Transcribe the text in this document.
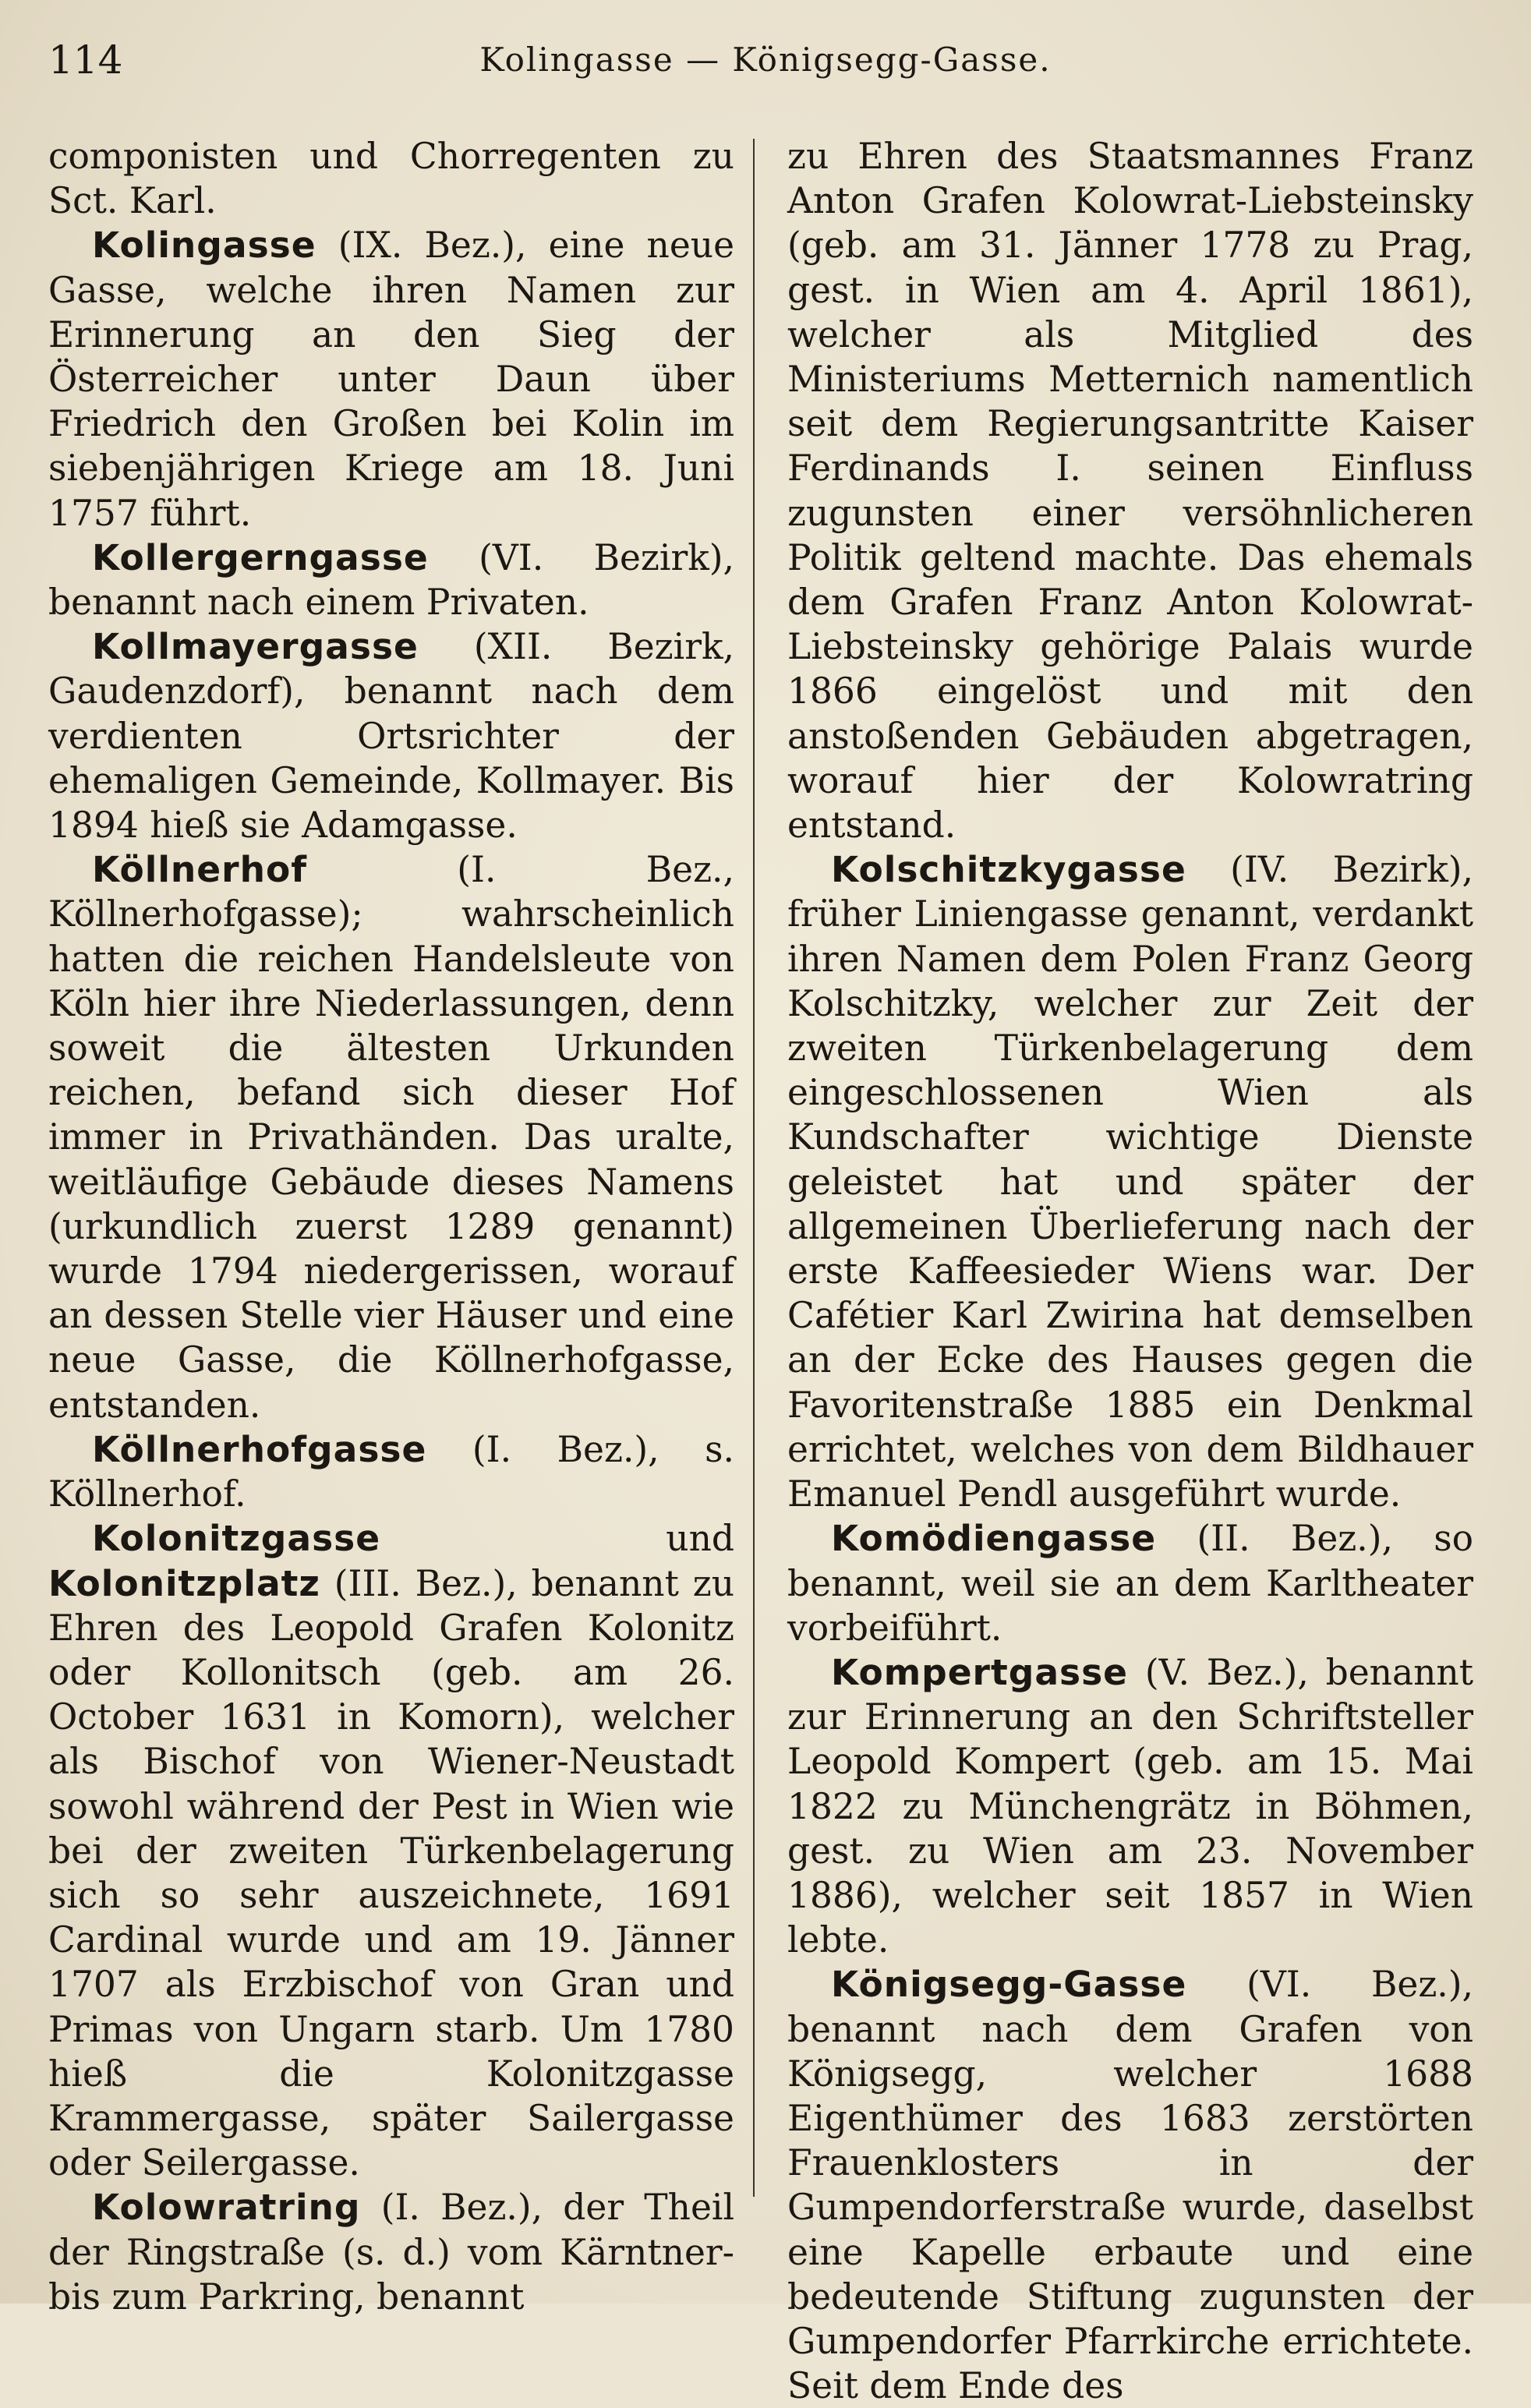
114	Kolingasse — Königsegg-Gasse.

componisten und Chorregenten zu Sct. Karl.

Kolingasse (IX. Bez.), eine neue Gasse, welche ihren Namen zur Erinnerung an den Sieg der Österreicher unter Daun über Friedrich den Großen bei Kolin im siebenjährigen Kriege am 18. Juni 1757 führt.

Kollergerngasse (VI. Bezirk), benannt nach einem Privaten.

Kollmayergasse (XII. Bezirk, Gaudenzdorf), benannt nach dem verdienten Ortsrichter der ehemaligen Gemeinde, Kollmayer. Bis 1894 hieß sie Adamgasse.

Köllnerhof (I. Bez., Köllnerhofgasse); wahrscheinlich hatten die reichen Handelsleute von Köln hier ihre Niederlassungen, denn soweit die ältesten Urkunden reichen, befand sich dieser Hof immer in Privathänden. Das uralte, weitläufige Gebäude dieses Namens (urkundlich zuerst 1289 genannt) wurde 1794 niedergerissen, worauf an dessen Stelle vier Häuser und eine neue Gasse, die Köllnerhofgasse, entstanden.

Köllnerhofgasse (I. Bez.), s. Köllnerhof.

Kolonitzgasse und Kolonitzplatz (III. Bez.), benannt zu Ehren des Leopold Grafen Kolonitz oder Kollonitsch (geb. am 26. October 1631 in Komorn), welcher als Bischof von Wiener-Neustadt sowohl während der Pest in Wien wie bei der zweiten Türkenbelagerung sich so sehr auszeichnete, 1691 Cardinal wurde und am 19. Jänner 1707 als Erzbischof von Gran und Primas von Ungarn starb. Um 1780 hieß die Kolonitzgasse Krammergasse, später Sailergasse oder Seilergasse.

Kolowratring (I. Bez.), der Theil der Ringstraße (s. d.) vom Kärntner- bis zum Parkring, benannt

zu Ehren des Staatsmannes Franz Anton Grafen Kolowrat-Liebsteinsky (geb. am 31. Jänner 1778 zu Prag, gest. in Wien am 4. April 1861), welcher als Mitglied des Ministeriums Metternich namentlich seit dem Regierungsantritte Kaiser Ferdinands I. seinen Einfluss zugunsten einer versöhnlicheren Politik geltend machte. Das ehemals dem Grafen Franz Anton Kolowrat-Liebsteinsky gehörige Palais wurde 1866 eingelöst und mit den anstoßenden Gebäuden abgetragen, worauf hier der Kolowratring entstand.

Kolschitzkygasse (IV. Bezirk), früher Liniengasse genannt, verdankt ihren Namen dem Polen Franz Georg Kolschitzky, welcher zur Zeit der zweiten Türkenbelagerung dem eingeschlossenen Wien als Kundschafter wichtige Dienste geleistet hat und später der allgemeinen Überlieferung nach der erste Kaffeesieder Wiens war. Der Cafétier Karl Zwirina hat demselben an der Ecke des Hauses gegen die Favoritenstraße 1885 ein Denkmal errichtet, welches von dem Bildhauer Emanuel Pendl ausgeführt wurde.

Komödiengasse (II. Bez.), so benannt, weil sie an dem Karltheater vorbeiführt.

Kompertgasse (V. Bez.), benannt zur Erinnerung an den Schriftsteller Leopold Kompert (geb. am 15. Mai 1822 zu Münchengrätz in Böhmen, gest. zu Wien am 23. November 1886), welcher seit 1857 in Wien lebte.

Königsegg-Gasse (VI. Bez.), benannt nach dem Grafen von Königsegg, welcher 1688 Eigenthümer des 1683 zerstörten Frauenklosters in der Gumpendorferstraße wurde, daselbst eine Kapelle erbaute und eine bedeutende Stiftung zugunsten der Gumpendorfer Pfarrkirche errichtete. Seit dem Ende des
